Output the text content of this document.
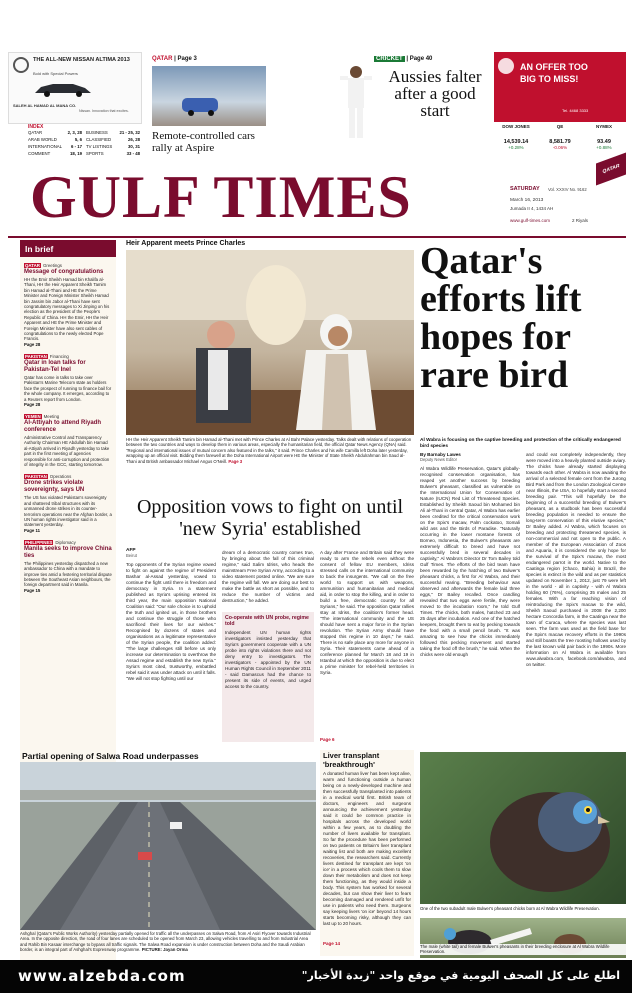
THE ALL-NEW NISSAN ALTIMA 2013
Bold with Special Powers
SALEH AL HAMAD AL MANA CO.
Nissan. Innovation that excites.
AN OFFER TOO
BIG TO MISS!
Tel. 4468 3333
INDEX
QATAR	2, 3, 28
ARAB WORLD	5, 6
INTERNATIONAL 6 - 17
COMMENT	18, 19
BUSINESS	21 - 25, 32
CLASSIFIED	26, 28
TV LISTINGS	30, 31
SPORTS	33 - 48
QATAR | Page 3
Remote-controlled cars rally at Aspire
CRICKET | Page 40
Aussies falter after a good start
DOW JONES
14,539.14
+0.28%
QE
8,581.79
-0.06%
NYMEX
93.49
+0.88%
GULF TIMES	QATAR
SATURDAY Vol. XXXIV No. 9162
March 16, 2013
Jumada II 4, 1434 AH
www.gulf-times.com	2 Riyals
In brief
QATAR Greetings
Message of congratulations
HH the Emir Sheikh Hamad bin Khalifa al-Thani, HH the Heir Apparent Sheikh Tamim bin Hamad al-Thani and HE the Prime Minister and Foreign Minister Sheikh Hamad bin Jassim bin Jabor al-Thani have sent congratulatory messages to Xi Jinping on his election as the president of the People's Republic of China. HH the Emir, HH the Heir Apparent and HE the Prime Minister and Foreign Minister have also sent cables of congratulations to the newly elected Pope Francis.
Page 28
PAKISTAN Financing
Qatar in loan talks for Pakistan-Tel Inel
Qatar has come in talks to take over Pakistan's Marine Telecom state as holders face the prospect of running to finance bail for the whole company. It emerges, according to a Reuters report from London.
Page 28
YEMEN Meeting
Al-Attiyah to attend Riyadh conference
Administrative Control and Transparency Authority Chairman HE Abdullah bin Hamad al-Attiyah arrived in Riyadh yesterday to take part in the first meeting of agencies responsible for anti-corruption and protection of integrity in the GCC, starting tomorrow.
PAKISTAN Operations
Drone strikes violate sovereignty, says UN
The US has violated Pakistan's sovereignty and shattered tribal structures with its unmanned drone strikes in its counter-terrorism operations near the Afghan border, a UN human rights investigator said in a statement yesterday.
Page 11
PHILIPPINES Diplomacy
Manila seeks to improve China ties
The Philippines yesterday dispatched a new ambassador to China with a mandate to improve ties amid a festering territorial dispute between the Southeast Asian neighbours, the foreign department said in Manila.
Page 15
Heir Apparent meets Prince Charles
HH the Heir Apparent Sheikh Tamim bin Hamad al-Thani met with Prince Charles at Al Bahr Palace yesterday. Talks dealt with relations of cooperation between the two countries and ways to develop them in various areas, especially the humanitarian field, the official Qatar News Agency (QNA) said. "Regional and international issues of mutual concern also featured in the talks," it said. Prince Charles and his wife Camilla left Doha later yesterday, wrapping up an official visit. Bidding them farewell at the Doha International Airport were HE the Minister of State Sheikh Abdulrahman bin Saud al-Thani and British ambassador Michael Angus O'Neill. Page 3
Qatar's efforts lift hopes for rare bird
Al Wabra is focusing on the captive breeding and protection of the critically endangered bird species
By Barnaby Lawes
Deputy News Editor
Al Wabra Wildlife Preservation, Qatar's globally-recognised conservation organisation, has reaped yet another success by breeding Bulwer's pheasant, classified as vulnerable on the International Union for Conservation of Nature (IUCN) Red List of Threatened Species. Established by Sheikh Saoud bin Mohamed bin Ali al-Thani in central Qatar, Al Wabra has earlier been credited for the critical conservation work on the Spix's macaw, Palm cockatoo, Somali wild ass and the Birds of Paradise. "Naturally occurring in the lower montane forests of Borneo, Indonesia, the Bulwer's pheasants are extremely difficult to breed and have not successfully bred in several decades in captivity," Al Wabra's Director Dr Tom Bailey told Gulf Times. The efforts of the bird team have been rewarded by the hatching of two Bulwer's pheasant chicks, a first for Al Wabra, and their successful rearing. "Breeding behaviour was observed and afterwards the female laid three eggs," Dr Bailey recalled. Once candling revealed that two eggs were fertile, they were moved to the incubation room," he told Gulf Times. The chicks, both males, hatched 23 and 25 days after incubation. And one of the hatched keepers, brought them to eat by pecking towards the food with a small pencil brush. "It was amazing to see how the chicks immediately followed this pecking movement and started taking the food off the brush," he said. When the chicks were old enough
and could eat completely independently, they were moved into a heavily planted outside aviary. The chicks have already started displaying towards each other. Al Wabra is now awaiting the arrival of a selected female cent from the Jurong Bird Park and from the London Zoological Centre near Illinois, the USA, to hopefully start a second breeding pair. "This will hopefully be the beginning of a successful breeding of Bulwer's pheasant, as a studbook has been successful breeding population is needed to ensure the long-term conservation of this elusive species," Dr Bailey added. Al Wabra, which focuses on breeding and protecting threatened species, is non-commercial and not open to the public. A member of the European Association of Zoos and Aquaria, it is considered the only hope for the survival of the Spix's macaw, the most endangered parrot in the world. Native to the Caatinga region (Chaco, Bahia) in Brazil, the species is extinct in the wild and as per statistics updated on November 1, 2012, just 79 were left in the world - all in captivity - with Al Wabra holding 60 (76%), comprising 35 males and 25 females. With a far reaching vision of reintroducing the Spix's macaw to the wild, Sheikh Saoud purchased in 2008 the 2,200 hectare Concordia farm, in the Caatinga near the town of Curaca, where the species was last seen. The farm was used as the field base for the Spix's macaw recovery efforts in the 1990s and still boasts the tree roosting hollows used by the last known wild pair back in the 1990s. More information on Al Wabra is available from www.alwabra.com, facebook.com/alwabra, and on twitter.
Opposition vows to fight on until 'new Syria' established
AFP
Beirut
Top opponents of the Syrian regime vowed to fight on against the regime of President Bashar al-Assad yesterday, vowed to continue the fight until there is freedom and democracy in Syria. In a statement published as Syria's uprising entered its third year, the main opposition National Coalition said: "Our sole choice is to uphold the truth and ignited us, in those brothers and continue the struggle of those who sacrificed their lives for our wishes." Recognised by dozens of states and organisations as a legitimate representative of the Syrian people, the coalition added: "The large challenges still before us only increase our determination to overthrow the Assad regime and establish the new Syria." Syria's most cited, trustworthy, embattled rebel said it was under attack on until it falls. "We will not stop fighting until our
dream of a democratic country comes true, by bringing about the fall of this criminal regime," said Salim Idriss, who heads the mainstream Free Syrian Army, according to a video statement posted online. "We are sure the regime will fall. We are doing our best to make the battle as short as possible, and to reduce the number of victims and destruction," he added.
Co-operate with UN probe, regime told
Independent UN human rights investigators insisted yesterday that Syria's government cooperate with a UN probe into rights violations there and not deny entry to investigators. The investigators - appointed by the UN Human Rights Council in September 2011 - said Damascus had the chance to present its side of events, and urged access to the country.
A day after France and Britain said they were ready to arm the rebels even without the consent of fellow EU members, Idriss stressed calls on the international community to back the insurgents. "We call on the free world to support us with weapons, ammunition and humanitarian and medical aid, in order to stop the killing, and in order to build a free, democratic country for all Syrians," he said. The opposition Qatar rallies stay at Idriss, the coalition's former head. "The international community and the US should have sent a major force in the Syrian revolution. The Syrian Army should have stopped this regime in 10 days," he said. There is no safe place any more for anyone in Syria. Their statements came ahead of a conference planned for March 18 and 19 in Istanbul at which the opposition is due to elect a prime minister for rebel-held territories in Syria.
Page 6
Partial opening of Salwa Road underpasses
Ashghal (Qatar's Public Works Authority) yesterday partially opened for traffic all the underpasses on Salwa Road, from Al Asiri Flyover towards Industrial Area. In the opposite direction, the road of four lanes are scheduled to be opened from March 23, allowing vehicles travelling to and from Industrial Area and Rahib Bin Kasaar interchange to bypass all traffic signals. The Salwa Road expansion is under construction between Doha and the Saudi Arabian border, is an integral part of Ashghal's Expressway programme. PICTURE: Jayan Orma
Liver transplant 'breakthrough'
A donated human liver has been kept alive, warm and functioning outside a human being on a newly-developed machine and then successfully transplanted into patients in a medical world first. British team of doctors, engineers and surgeons announcing the achievement yesterday said it could be common practice in hospitals across the developed world within a few years, as to doubling the number of livers available for transplant. So far the procedure has been performed on two patients on Britain's liver transplant waiting list and both are making excellent recoveries, the researchers said. Currently livers destined for transplant are kept 'on ice' in a process which cools them to slow down their metabolism and does not keep them functioning, as they would inside a body. This system has worked for several decades, but can show their liver to fears becoming damaged and rendered unfit for use in patients who need them. Surgeons say keeping livers 'on ice' beyond 14 hours starts becoming risky, although they can last up to 20 hours.
Page 14
One of the two subadult male Bulwer's pheasant chicks born at Al Wabra Wildlife Preservation.
The male (white tail) and female Bulwer's pheasants in their breeding enclosure at Al Wabra Wildlife Preservation.
www.alzebda.com	اطلع على كل الصحف اليومية في موقع واحد "زبدة الأخبار"
